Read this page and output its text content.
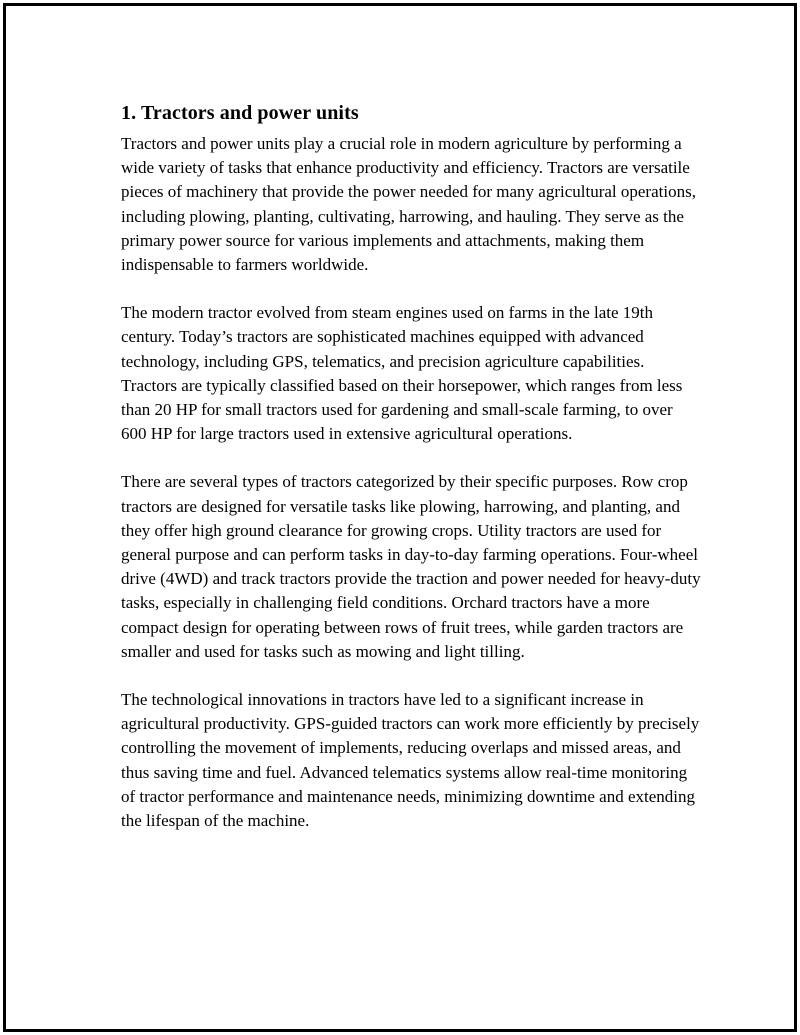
1. Tractors and power units

Tractors and power units play a crucial role in modern agriculture by performing a wide variety of tasks that enhance productivity and efficiency. Tractors are versatile pieces of machinery that provide the power needed for many agricultural operations, including plowing, planting, cultivating, harrowing, and hauling. They serve as the primary power source for various implements and attachments, making them indispensable to farmers worldwide.

The modern tractor evolved from steam engines used on farms in the late 19th century. Today’s tractors are sophisticated machines equipped with advanced technology, including GPS, telematics, and precision agriculture capabilities. Tractors are typically classified based on their horsepower, which ranges from less than 20 HP for small tractors used for gardening and small-scale farming, to over 600 HP for large tractors used in extensive agricultural operations.

There are several types of tractors categorized by their specific purposes. Row crop tractors are designed for versatile tasks like plowing, harrowing, and planting, and they offer high ground clearance for growing crops. Utility tractors are used for general purpose and can perform tasks in day-to-day farming operations. Four-wheel drive (4WD) and track tractors provide the traction and power needed for heavy-duty tasks, especially in challenging field conditions. Orchard tractors have a more compact design for operating between rows of fruit trees, while garden tractors are smaller and used for tasks such as mowing and light tilling.

The technological innovations in tractors have led to a significant increase in agricultural productivity. GPS-guided tractors can work more efficiently by precisely controlling the movement of implements, reducing overlaps and missed areas, and thus saving time and fuel. Advanced telematics systems allow real-time monitoring of tractor performance and maintenance needs, minimizing downtime and extending the lifespan of the machine.
